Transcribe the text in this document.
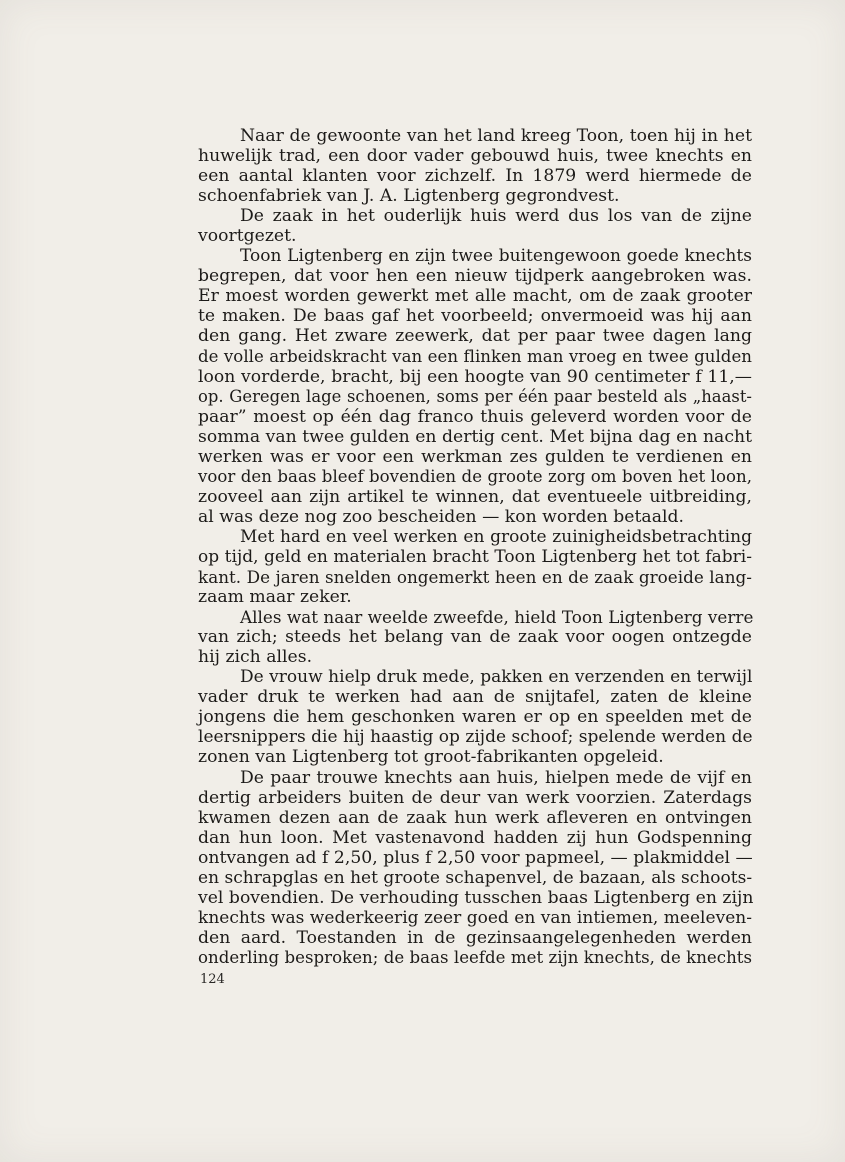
Naar de gewoonte van het land kreeg Toon, toen hij in het
huwelijk trad, een door vader gebouwd huis, twee knechts en
een aantal klanten voor zichzelf. In 1879 werd hiermede de
schoenfabriek van J. A. Ligtenberg gegrondvest.
De zaak in het ouderlijk huis werd dus los van de zijne
voortgezet.
Toon Ligtenberg en zijn twee buitengewoon goede knechts
begrepen, dat voor hen een nieuw tijdperk aangebroken was.
Er moest worden gewerkt met alle macht, om de zaak grooter
te maken. De baas gaf het voorbeeld; onvermoeid was hij aan
den gang. Het zware zeewerk, dat per paar twee dagen lang
de volle arbeidskracht van een flinken man vroeg en twee gulden
loon vorderde, bracht, bij een hoogte van 90 centimeter f 11,—
op. Geregen lage schoenen, soms per één paar besteld als „haast-
paar” moest op één dag franco thuis geleverd worden voor de
somma van twee gulden en dertig cent. Met bijna dag en nacht
werken was er voor een werkman zes gulden te verdienen en
voor den baas bleef bovendien de groote zorg om boven het loon,
zooveel aan zijn artikel te winnen, dat eventueele uitbreiding,
al was deze nog zoo bescheiden — kon worden betaald.
Met hard en veel werken en groote zuinigheidsbetrachting
op tijd, geld en materialen bracht Toon Ligtenberg het tot fabri-
kant. De jaren snelden ongemerkt heen en de zaak groeide lang-
zaam maar zeker.
Alles wat naar weelde zweefde, hield Toon Ligtenberg verre
van zich; steeds het belang van de zaak voor oogen ontzegde
hij zich alles.
De vrouw hielp druk mede, pakken en verzenden en terwijl
vader druk te werken had aan de snijtafel, zaten de kleine
jongens die hem geschonken waren er op en speelden met de
leersnippers die hij haastig op zijde schoof; spelende werden de
zonen van Ligtenberg tot groot-fabrikanten opgeleid.
De paar trouwe knechts aan huis, hielpen mede de vijf en
dertig arbeiders buiten de deur van werk voorzien. Zaterdags
kwamen dezen aan de zaak hun werk afleveren en ontvingen
dan hun loon. Met vastenavond hadden zij hun Godspenning
ontvangen ad f 2,50, plus f 2,50 voor papmeel, — plakmiddel —
en schrapglas en het groote schapenvel, de bazaan, als schoots-
vel bovendien. De verhouding tusschen baas Ligtenberg en zijn
knechts was wederkeerig zeer goed en van intiemen, meeleven-
den aard. Toestanden in de gezinsaangelegenheden werden
onderling besproken; de baas leefde met zijn knechts, de knechts
124
